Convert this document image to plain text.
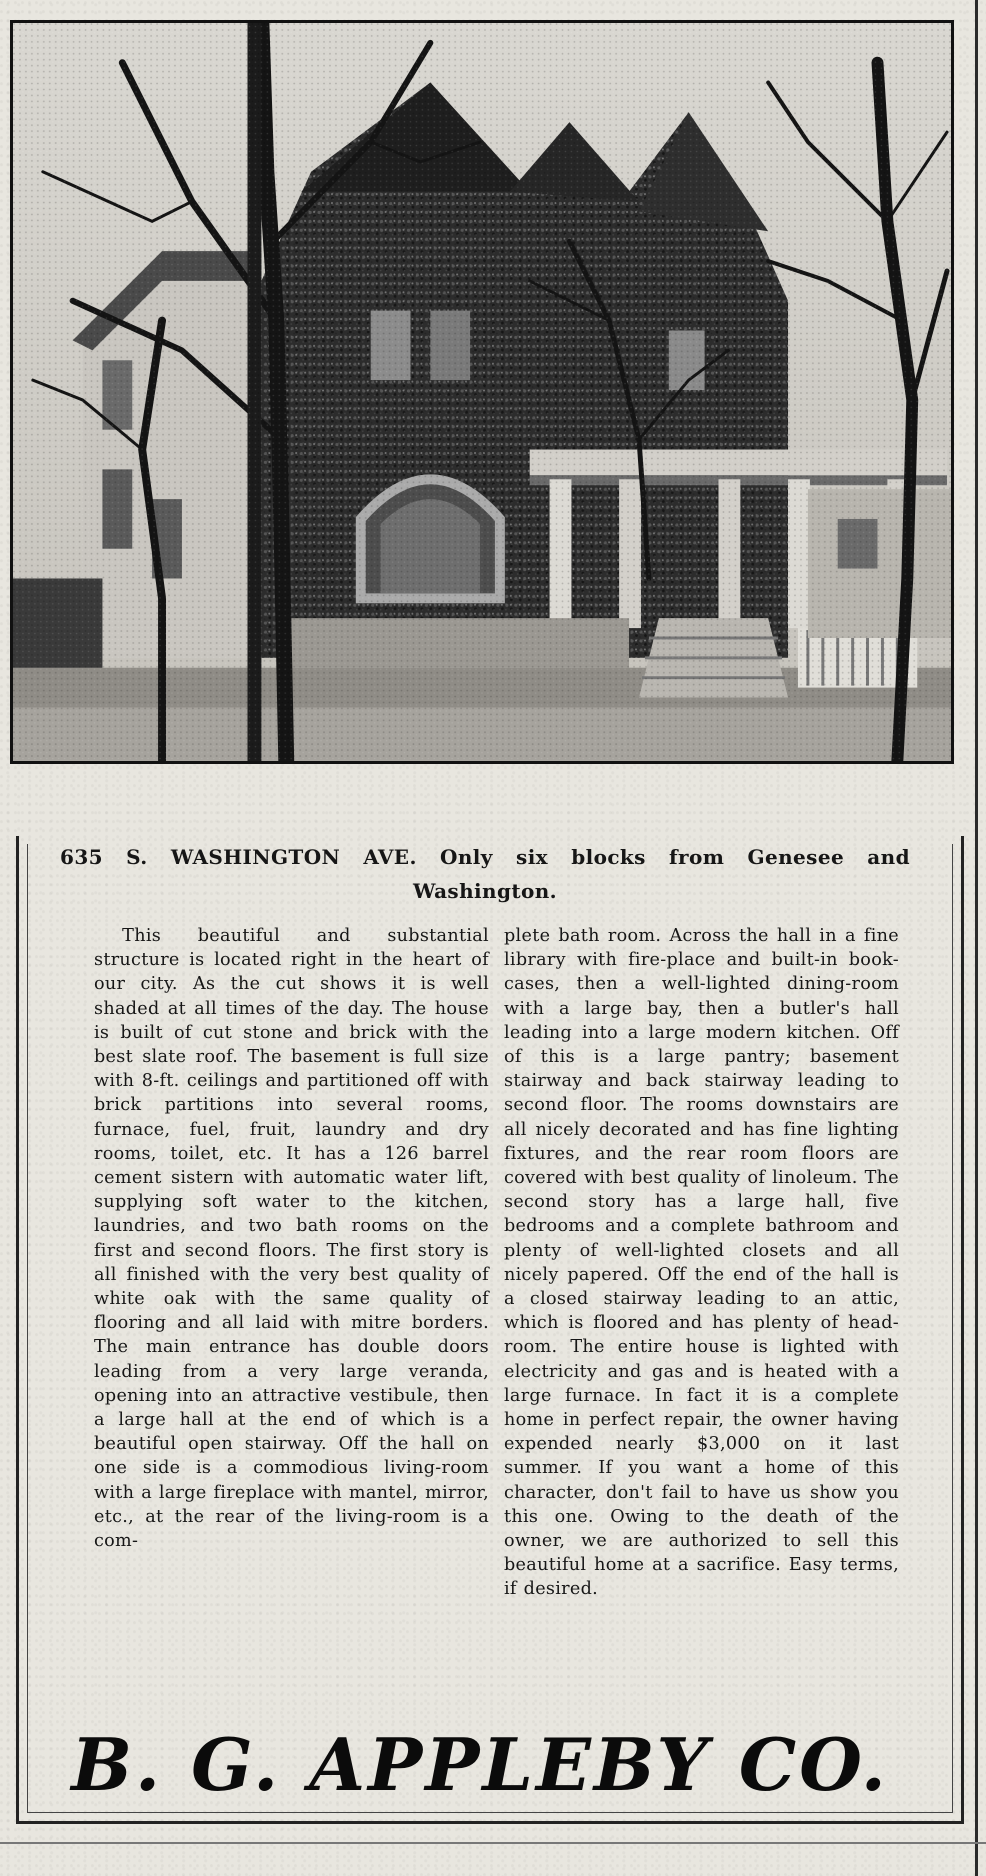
635 S. WASHINGTON AVE. Only six blocks from Genesee and Washington.
This beautiful and substantial structure is located right in the heart of our city. As the cut shows it is well shaded at all times of the day. The house is built of cut stone and brick with the best slate roof. The basement is full size with 8-ft. ceilings and partitioned off with brick partitions into several rooms, furnace, fuel, fruit, laundry and dry rooms, toilet, etc. It has a 126 barrel cement sistern with automatic water lift, supplying soft water to the kitchen, laundries, and two bath rooms on the first and second floors. The first story is all finished with the very best quality of white oak with the same quality of flooring and all laid with mitre borders. The main entrance has double doors leading from a very large veranda, opening into an attractive vestibule, then a large hall at the end of which is a beautiful open stairway. Off the hall on one side is a commodious living-room with a large fireplace with mantel, mirror, etc., at the rear of the living-room is a com-
plete bath room. Across the hall in a fine library with fire-place and built-in book-cases, then a well-lighted dining-room with a large bay, then a butler's hall leading into a large modern kitchen. Off of this is a large pantry; basement stairway and back stairway leading to second floor. The rooms downstairs are all nicely decorated and has fine lighting fixtures, and the rear room floors are covered with best quality of linoleum. The second story has a large hall, five bedrooms and a complete bathroom and plenty of well-lighted closets and all nicely papered. Off the end of the hall is a closed stairway leading to an attic, which is floored and has plenty of head-room. The entire house is lighted with electricity and gas and is heated with a large furnace. In fact it is a complete home in perfect repair, the owner having expended nearly $3,000 on it last summer. If you want a home of this character, don't fail to have us show you this one. Owing to the death of the owner, we are authorized to sell this beautiful home at a sacrifice. Easy terms, if desired.
B. G. APPLEBY CO.
